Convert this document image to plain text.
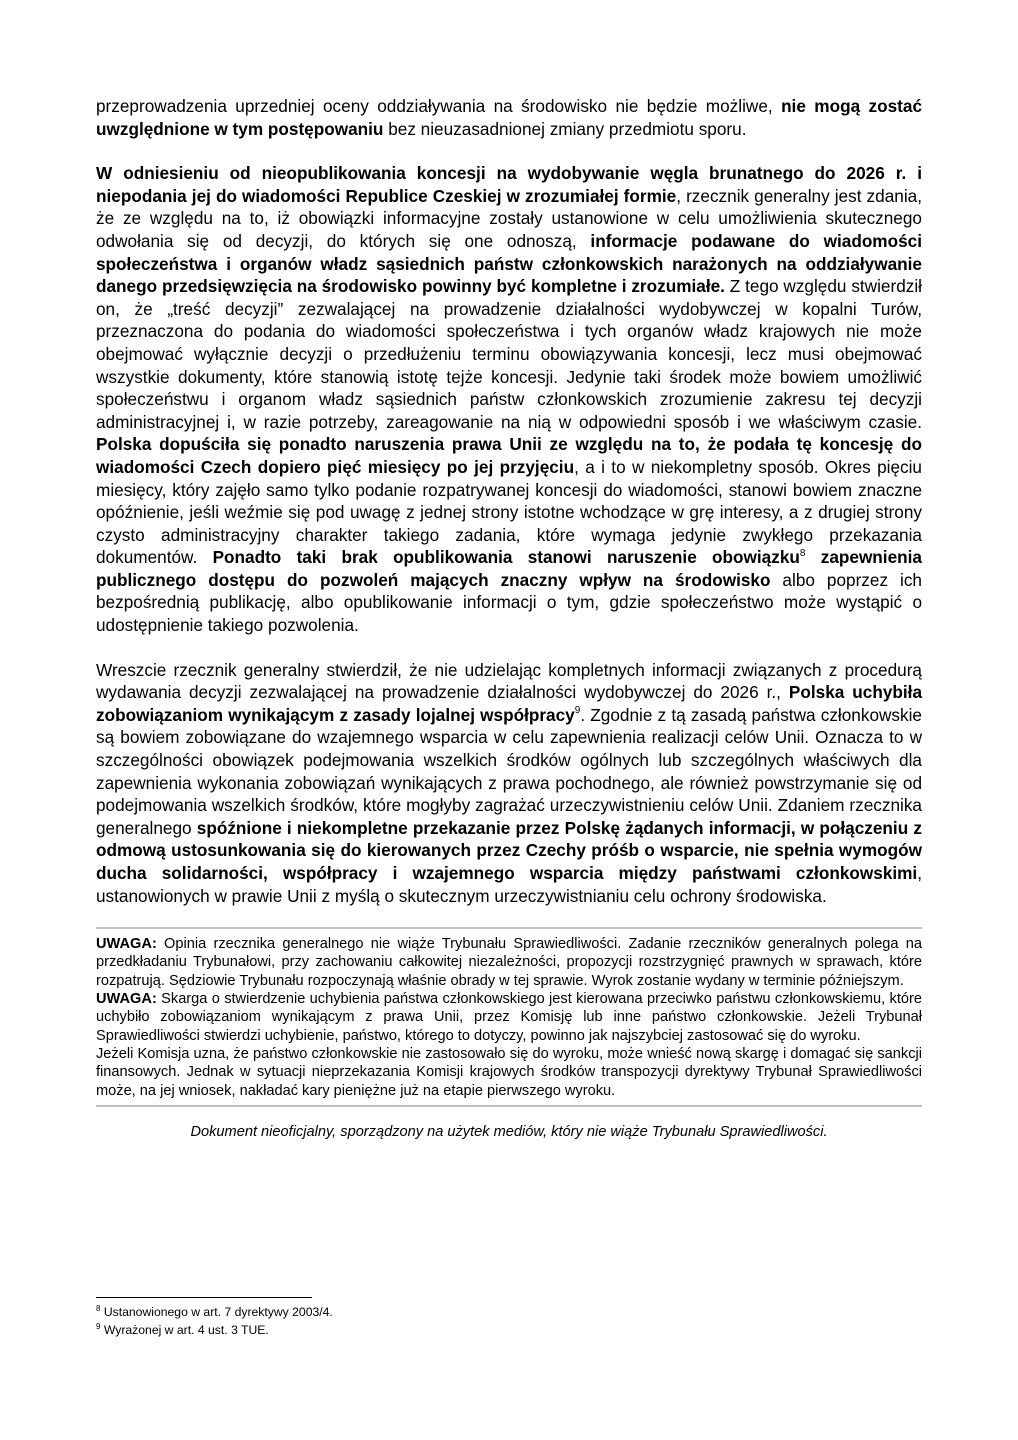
przeprowadzenia uprzedniej oceny oddziaływania na środowisko nie będzie możliwe, nie mogą zostać uwzględnione w tym postępowaniu bez nieuzasadnionej zmiany przedmiotu sporu.

W odniesieniu od nieopublikowania koncesji na wydobywanie węgla brunatnego do 2026 r. i niepodania jej do wiadomości Republice Czeskiej w zrozumiałej formie, rzecznik generalny jest zdania, że ze względu na to, iż obowiązki informacyjne zostały ustanowione w celu umożliwienia skutecznego odwołania się od decyzji, do których się one odnoszą, informacje podawane do wiadomości społeczeństwa i organów władz sąsiednich państw członkowskich narażonych na oddziaływanie danego przedsięwzięcia na środowisko powinny być kompletne i zrozumiałe. Z tego względu stwierdził on, że „treść decyzji” zezwalającej na prowadzenie działalności wydobywczej w kopalni Turów, przeznaczona do podania do wiadomości społeczeństwa i tych organów władz krajowych nie może obejmować wyłącznie decyzji o przedłużeniu terminu obowiązywania koncesji, lecz musi obejmować wszystkie dokumenty, które stanowią istotę tejże koncesji. Jedynie taki środek może bowiem umożliwić społeczeństwu i organom władz sąsiednich państw członkowskich zrozumienie zakresu tej decyzji administracyjnej i, w razie potrzeby, zareagowanie na nią w odpowiedni sposób i we właściwym czasie. Polska dopuściła się ponadto naruszenia prawa Unii ze względu na to, że podała tę koncesję do wiadomości Czech dopiero pięć miesięcy po jej przyjęciu, a i to w niekompletny sposób. Okres pięciu miesięcy, który zajęło samo tylko podanie rozpatrywanej koncesji do wiadomości, stanowi bowiem znaczne opóźnienie, jeśli weźmie się pod uwagę z jednej strony istotne wchodzące w grę interesy, a z drugiej strony czysto administracyjny charakter takiego zadania, które wymaga jedynie zwykłego przekazania dokumentów. Ponadto taki brak opublikowania stanowi naruszenie obowiązku$^8$ zapewnienia publicznego dostępu do pozwoleń mających znaczny wpływ na środowisko albo poprzez ich bezpośrednią publikację, albo opublikowanie informacji o tym, gdzie społeczeństwo może wystąpić o udostępnienie takiego pozwolenia.

Wreszcie rzecznik generalny stwierdził, że nie udzielając kompletnych informacji związanych z procedurą wydawania decyzji zezwalającej na prowadzenie działalności wydobywczej do 2026 r., Polska uchybiła zobowiązaniom wynikającym z zasady lojalnej współpracy$^9$. Zgodnie z tą zasadą państwa członkowskie są bowiem zobowiązane do wzajemnego wsparcia w celu zapewnienia realizacji celów Unii. Oznacza to w szczególności obowiązek podejmowania wszelkich środków ogólnych lub szczególnych właściwych dla zapewnienia wykonania zobowiązań wynikających z prawa pochodnego, ale również powstrzymanie się od podejmowania wszelkich środków, które mogłyby zagrażać urzeczywistnieniu celów Unii. Zdaniem rzecznika generalnego spóźnione i niekompletne przekazanie przez Polskę żądanych informacji, w połączeniu z odmową ustosunkowania się do kierowanych przez Czechy próśb o wsparcie, nie spełnia wymogów ducha solidarności, współpracy i wzajemnego wsparcia między państwami członkowskimi, ustanowionych w prawie Unii z myślą o skutecznym urzeczywistnianiu celu ochrony środowiska.

UWAGA: Opinia rzecznika generalnego nie wiąże Trybunału Sprawiedliwości. Zadanie rzeczników generalnych polega na przedkładaniu Trybunałowi, przy zachowaniu całkowitej niezależności, propozycji rozstrzygnięć prawnych w sprawach, które rozpatrują. Sędziowie Trybunału rozpoczynają właśnie obrady w tej sprawie. Wyrok zostanie wydany w terminie późniejszym.

UWAGA: Skarga o stwierdzenie uchybienia państwa członkowskiego jest kierowana przeciwko państwu członkowskiemu, które uchybiło zobowiązaniom wynikającym z prawa Unii, przez Komisję lub inne państwo członkowskie. Jeżeli Trybunał Sprawiedliwości stwierdzi uchybienie, państwo, którego to dotyczy, powinno jak najszybciej zastosować się do wyroku.

Jeżeli Komisja uzna, że państwo członkowskie nie zastosowało się do wyroku, może wnieść nową skargę i domagać się sankcji finansowych. Jednak w sytuacji nieprzekazania Komisji krajowych środków transpozycji dyrektywy Trybunał Sprawiedliwości może, na jej wniosek, nakładać kary pieniężne już na etapie pierwszego wyroku.

Dokument nieoficjalny, sporządzony na użytek mediów, który nie wiąże Trybunału Sprawiedliwości.

$^8$ Ustanowionego w art. 7 dyrektywy 2003/4.
$^9$ Wyrażonej w art. 4 ust. 3 TUE.
